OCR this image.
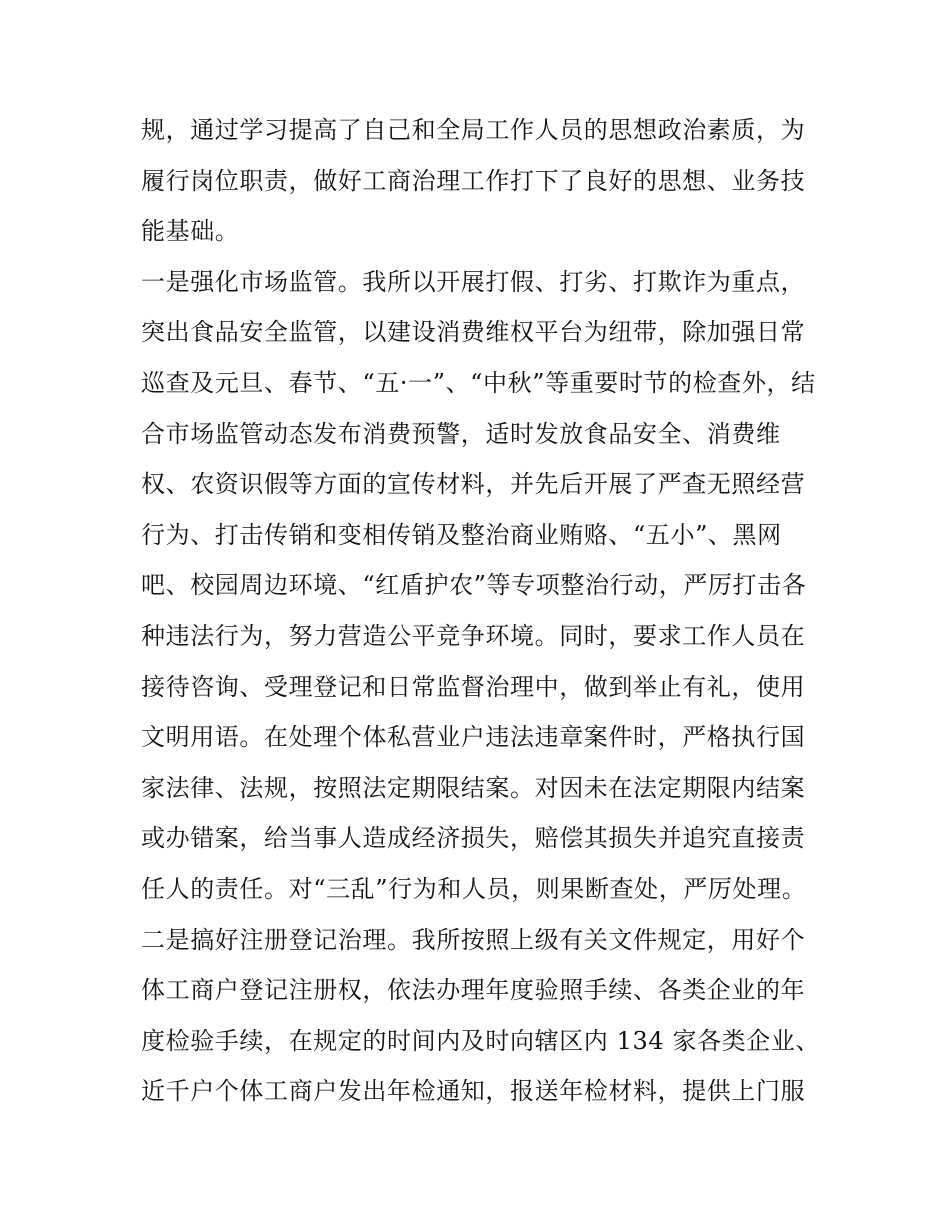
规，通过学习提高了自己和全局工作人员的思想政治素质，为
履行岗位职责，做好工商治理工作打下了良好的思想、业务技
能基础。
一是强化市场监管。我所以开展打假、打劣、打欺诈为重点，
突出食品安全监管，以建设消费维权平台为纽带，除加强日常
巡查及元旦、春节、“五·一”、“中秋”等重要时节的检查外，结
合市场监管动态发布消费预警，适时发放食品安全、消费维
权、农资识假等方面的宣传材料，并先后开展了严查无照经营
行为、打击传销和变相传销及整治商业贿赂、“五小”、黑网
吧、校园周边环境、“红盾护农”等专项整治行动，严厉打击各
种违法行为，努力营造公平竞争环境。同时，要求工作人员在
接待咨询、受理登记和日常监督治理中，做到举止有礼，使用
文明用语。在处理个体私营业户违法违章案件时，严格执行国
家法律、法规，按照法定期限结案。对因未在法定期限内结案
或办错案，给当事人造成经济损失，赔偿其损失并追究直接责
任人的责任。对“三乱”行为和人员，则果断查处，严厉处理。
二是搞好注册登记治理。我所按照上级有关文件规定，用好个
体工商户登记注册权，依法办理年度验照手续、各类企业的年
度检验手续，在规定的时间内及时向辖区内 134 家各类企业、
近千户个体工商户发出年检通知，报送年检材料，提供上门服
